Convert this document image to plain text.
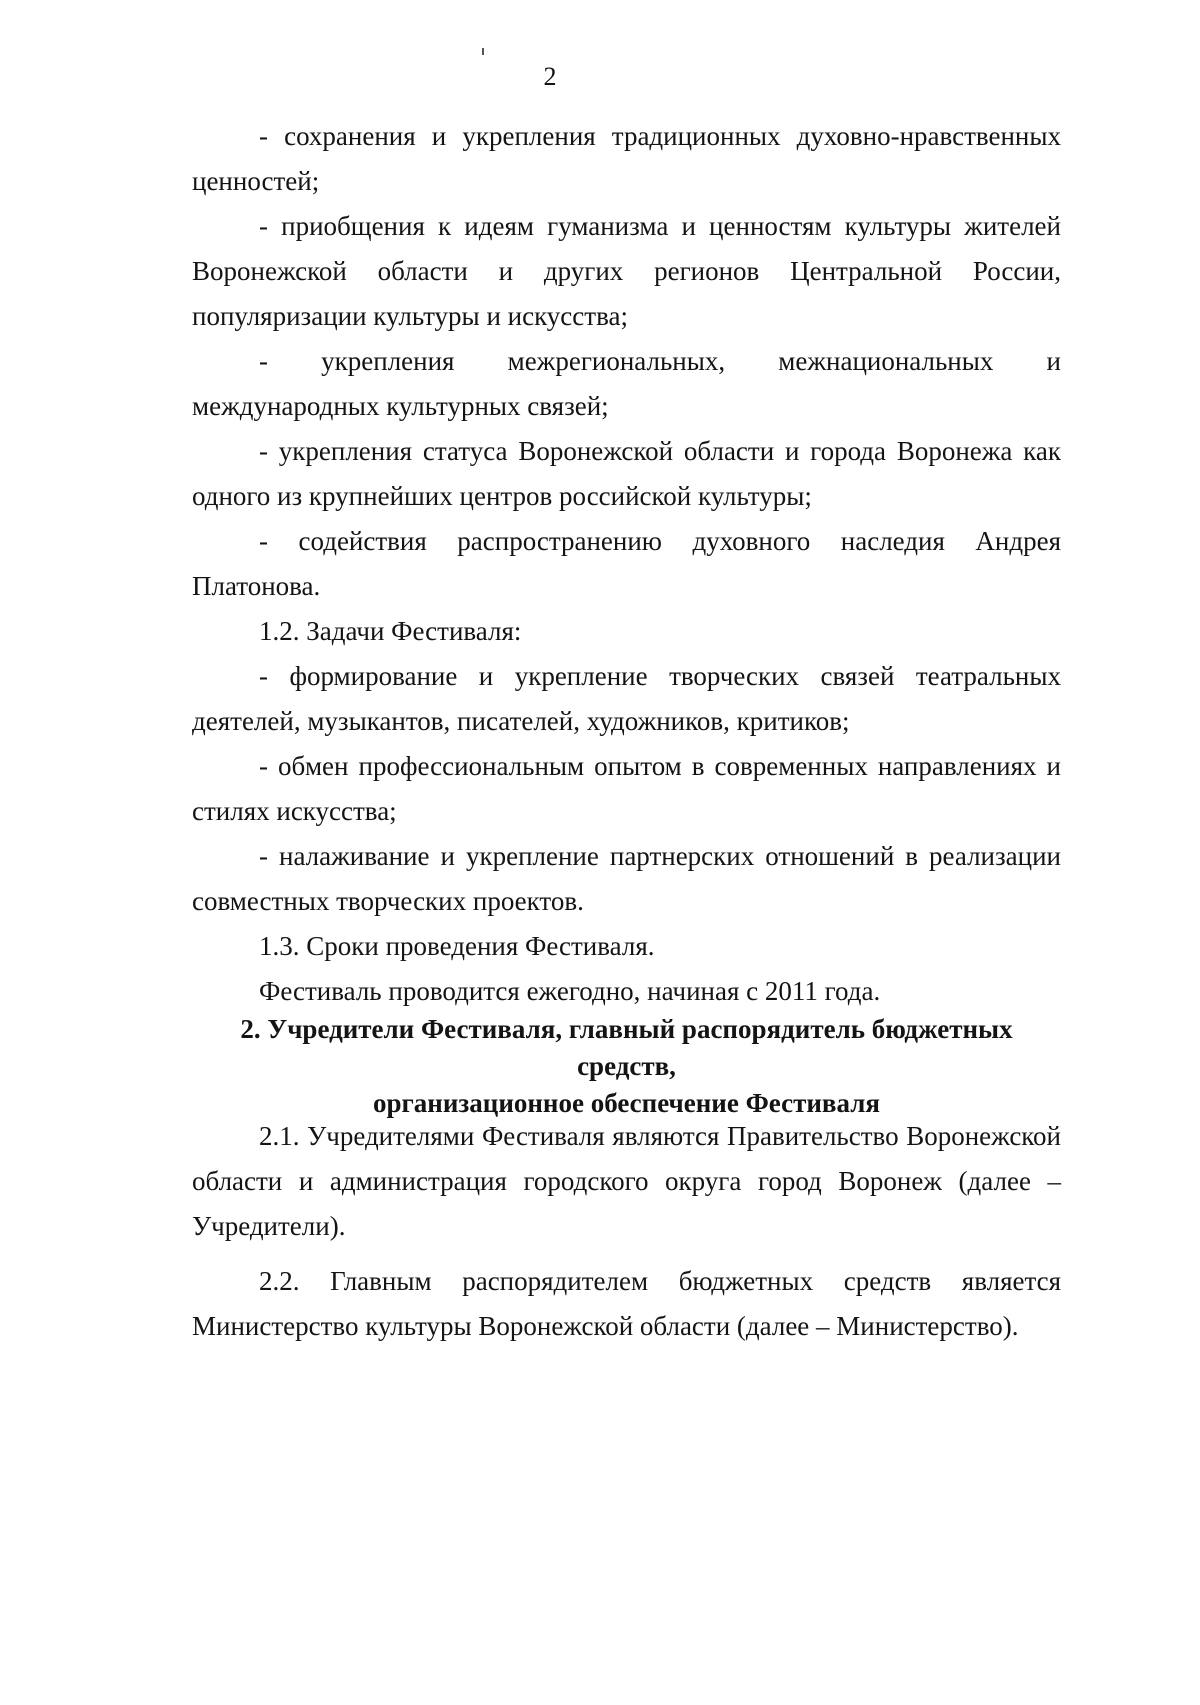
2

- сохранения и укрепления традиционных духовно-нравственных ценностей;

- приобщения к идеям гуманизма и ценностям культуры жителей Воронежской области и других регионов Центральной России, популяризации культуры и искусства;

- укрепления межрегиональных, межнациональных и международных культурных связей;

- укрепления статуса Воронежской области и города Воронежа как одного из крупнейших центров российской культуры;

- содействия распространению духовного наследия Андрея Платонова.

1.2. Задачи Фестиваля:

- формирование и укрепление творческих связей театральных деятелей, музыкантов, писателей, художников, критиков;

- обмен профессиональным опытом в современных направлениях и стилях искусства;

- налаживание и укрепление партнерских отношений в реализации совместных творческих проектов.

1.3. Сроки проведения Фестиваля.

Фестиваль проводится ежегодно, начиная с 2011 года.

2. Учредители Фестиваля, главный распорядитель бюджетных средств,
организационное обеспечение Фестиваля

2.1. Учредителями Фестиваля являются Правительство Воронежской области и администрация городского округа город Воронеж (далее – Учредители).

2.2. Главным распорядителем бюджетных средств является Министерство культуры Воронежской области (далее – Министерство).
